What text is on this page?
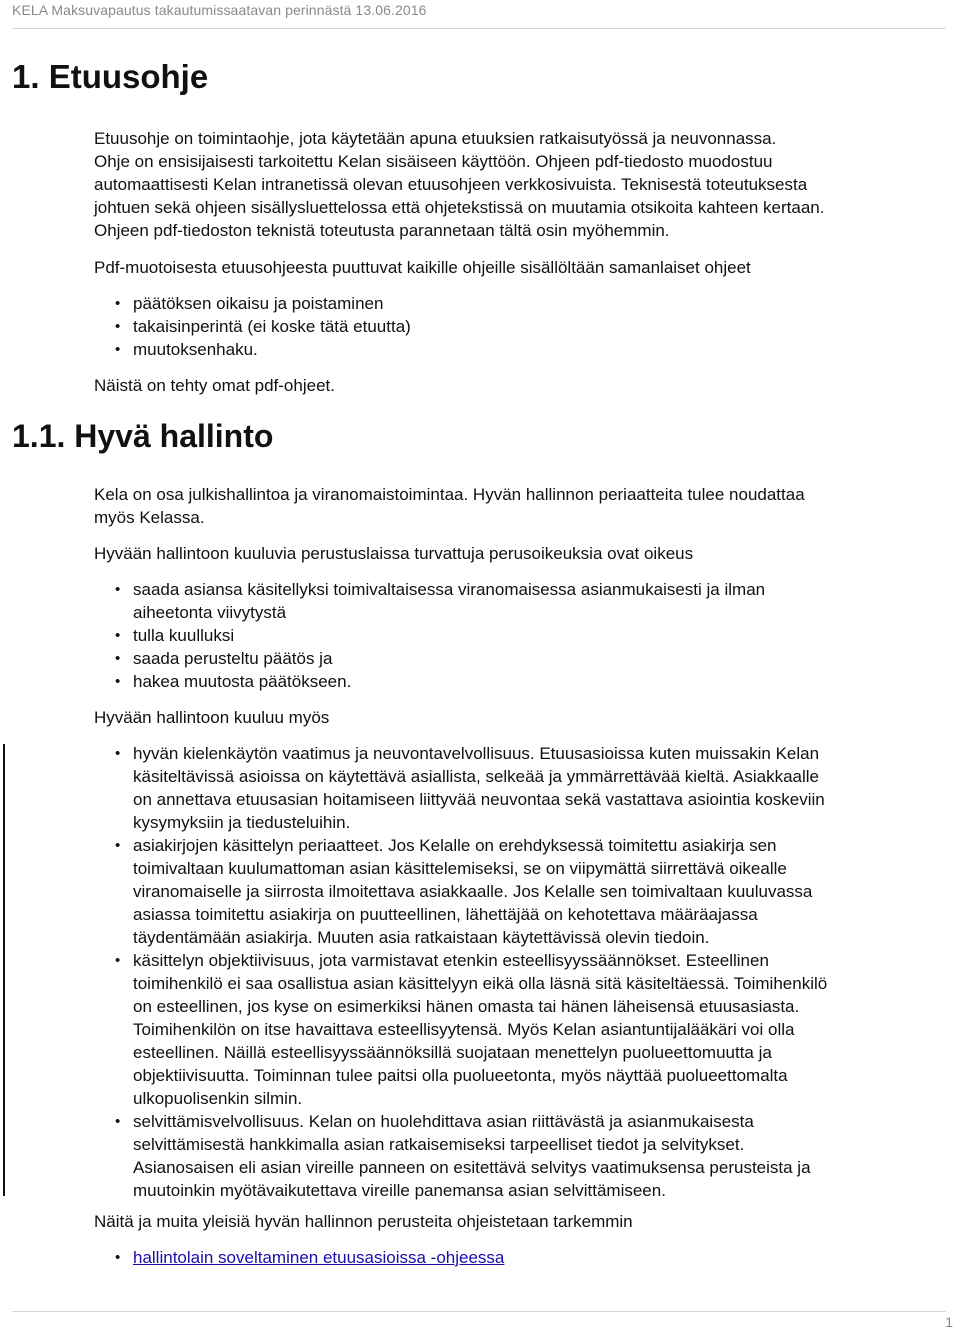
KELA Maksuvapautus takautumissaatavan perinnästä 13.06.2016
1. Etuusohje

Etuusohje on toimintaohje, jota käytetään apuna etuuksien ratkaisutyössä ja neuvonnassa.

Ohje on ensisijaisesti tarkoitettu Kelan sisäiseen käyttöön. Ohjeen pdf-tiedosto muodostuu

automaattisesti Kelan intranetissä olevan etuusohjeen verkkosivuista. Teknisestä toteutuksesta

johtuen sekä ohjeen sisällysluettelossa että ohjetekstissä on muutamia otsikoita kahteen kertaan.

Ohjeen pdf-tiedoston teknistä toteutusta parannetaan tältä osin myöhemmin.

Pdf-muotoisesta etuusohjeesta puuttuvat kaikille ohjeille sisällöltään samanlaiset ohjeet

• päätöksen oikaisu ja poistaminen
• takaisinperintä (ei koske tätä etuutta)
• muutoksenhaku.

Näistä on tehty omat pdf-ohjeet.

1.1. Hyvä hallinto

Kela on osa julkishallintoa ja viranomaistoimintaa. Hyvän hallinnon periaatteita tulee noudattaa

myös Kelassa.

Hyvään hallintoon kuuluvia perustuslaissa turvattuja perusoikeuksia ovat oikeus

• saada asiansa käsitellyksi toimivaltaisessa viranomaisessa asianmukaisesti ja ilman
aiheetonta viivytystä
• tulla kuulluksi
• saada perusteltu päätös ja
• hakea muutosta päätökseen.

Hyvään hallintoon kuuluu myös

• hyvän kielenkäytön vaatimus ja neuvontavelvollisuus. Etuusasioissa kuten muissakin Kelan
käsiteltävissä asioissa on käytettävä asiallista, selkeää ja ymmärrettävää kieltä. Asiakkaalle
on annettava etuusasian hoitamiseen liittyvää neuvontaa sekä vastattava asiointia koskeviin
kysymyksiin ja tiedusteluihin.
• asiakirjojen käsittelyn periaatteet. Jos Kelalle on erehdyksessä toimitettu asiakirja sen
toimivaltaan kuulumattoman asian käsittelemiseksi, se on viipymättä siirrettävä oikealle
viranomaiselle ja siirrosta ilmoitettava asiakkaalle. Jos Kelalle sen toimivaltaan kuuluvassa
asiassa toimitettu asiakirja on puutteellinen, lähettäjää on kehotettava määräajassa
täydentämään asiakirja. Muuten asia ratkaistaan käytettävissä olevin tiedoin.
• käsittelyn objektiivisuus, jota varmistavat etenkin esteellisyyssäännökset. Esteellinen
toimihenkilö ei saa osallistua asian käsittelyyn eikä olla läsnä sitä käsiteltäessä. Toimihenkilö
on esteellinen, jos kyse on esimerkiksi hänen omasta tai hänen läheisensä etuusasiasta.
Toimihenkilön on itse havaittava esteellisyytensä. Myös Kelan asiantuntijalääkäri voi olla
esteellinen. Näillä esteellisyyssäännöksillä suojataan menettelyn puolueettomuutta ja
objektiivisuutta. Toiminnan tulee paitsi olla puolueetonta, myös näyttää puolueettomalta
ulkopuolisenkin silmin.
• selvittämisvelvollisuus. Kelan on huolehdittava asian riittävästä ja asianmukaisesta
selvittämisestä hankkimalla asian ratkaisemiseksi tarpeelliset tiedot ja selvitykset.
Asianosaisen eli asian vireille panneen on esitettävä selvitys vaatimuksensa perusteista ja
muutoinkin myötävaikutettava vireille panemansa asian selvittämiseen.

Näitä ja muita yleisiä hyvän hallinnon perusteita ohjeistetaan tarkemmin

• hallintolain soveltaminen etuusasioissa -ohjeessa
1
